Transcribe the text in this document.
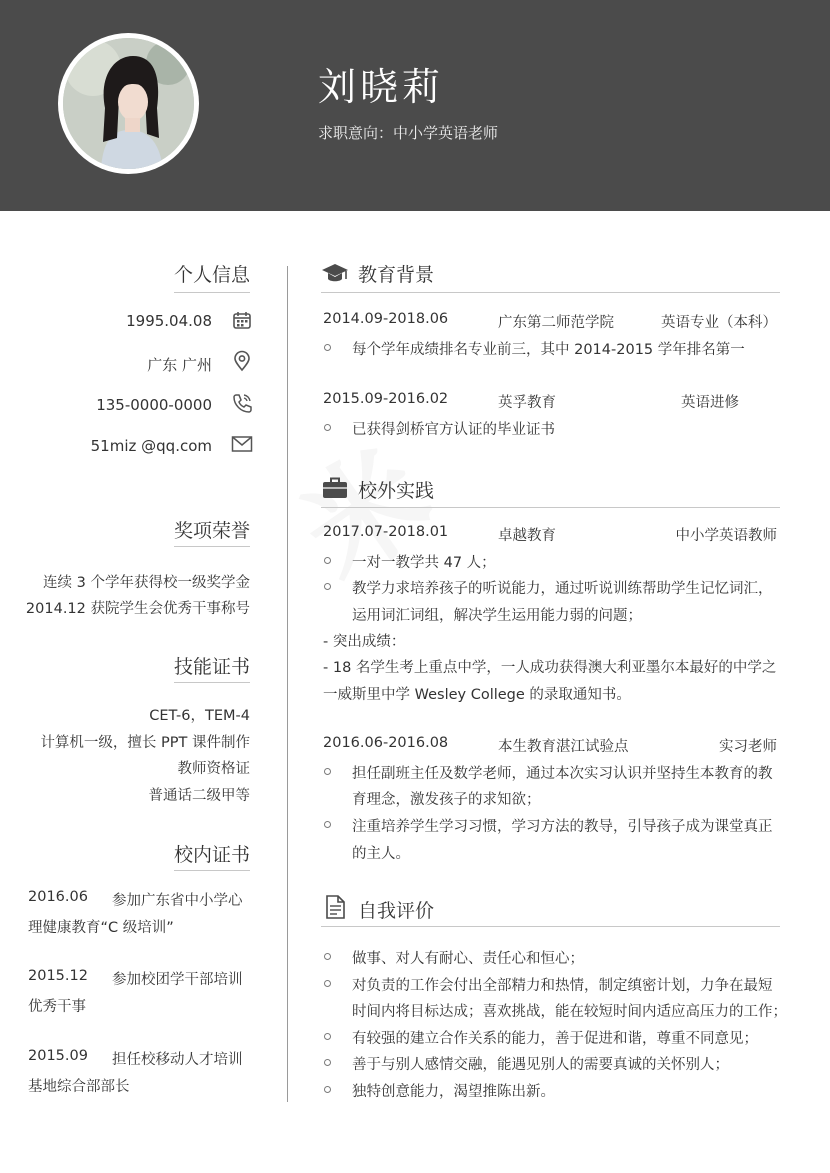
刘晓莉
求职意向：中小学英语老师
个人信息
1995.04.08
广东 广州
135-0000-0000
51miz @qq.com
奖项荣誉
连续 3 个学年获得校一级奖学金
2014.12 获院学生会优秀干事称号
技能证书
CET-6，TEM-4
计算机一级，擅长 PPT 课件制作
教师资格证
普通话二级甲等
校内证书
2016.06 参加广东省中小学心
理健康教育“C 级培训”
2015.12 参加校团学干部培训
优秀干事
2015.09 担任校移动人才培训
基地综合部部长
教育背景
2014.09-2018.06	广东第二师范学院	英语专业（本科）
每个学年成绩排名专业前三，其中 2014-2015 学年排名第一
2015.09-2016.02	英孚教育	英语进修
已获得剑桥官方认证的毕业证书
校外实践
2017.07-2018.01	卓越教育	中小学英语教师
一对一教学共 47 人；
教学力求培养孩子的听说能力，通过听说训练帮助学生记忆词汇，
运用词汇词组，解决学生运用能力弱的问题；
- 突出成绩：
- 18 名学生考上重点中学，一人成功获得澳大利亚墨尔本最好的中学之
一威斯里中学 Wesley College 的录取通知书。
2016.06-2016.08	本生教育湛江试验点	实习老师
担任副班主任及数学老师，通过本次实习认识并坚持生本教育的教
育理念，激发孩子的求知欲；
注重培养学生学习习惯，学习方法的教导，引导孩子成为课堂真正
的主人。
自我评价
做事、对人有耐心、责任心和恒心；
对负责的工作会付出全部精力和热情，制定缜密计划，力争在最短
时间内将目标达成；喜欢挑战，能在较短时间内适应高压力的工作；
有较强的建立合作关系的能力，善于促进和谐，尊重不同意见；
善于与别人感情交融，能遇见别人的需要真诚的关怀别人；
独特创意能力，渴望推陈出新。
